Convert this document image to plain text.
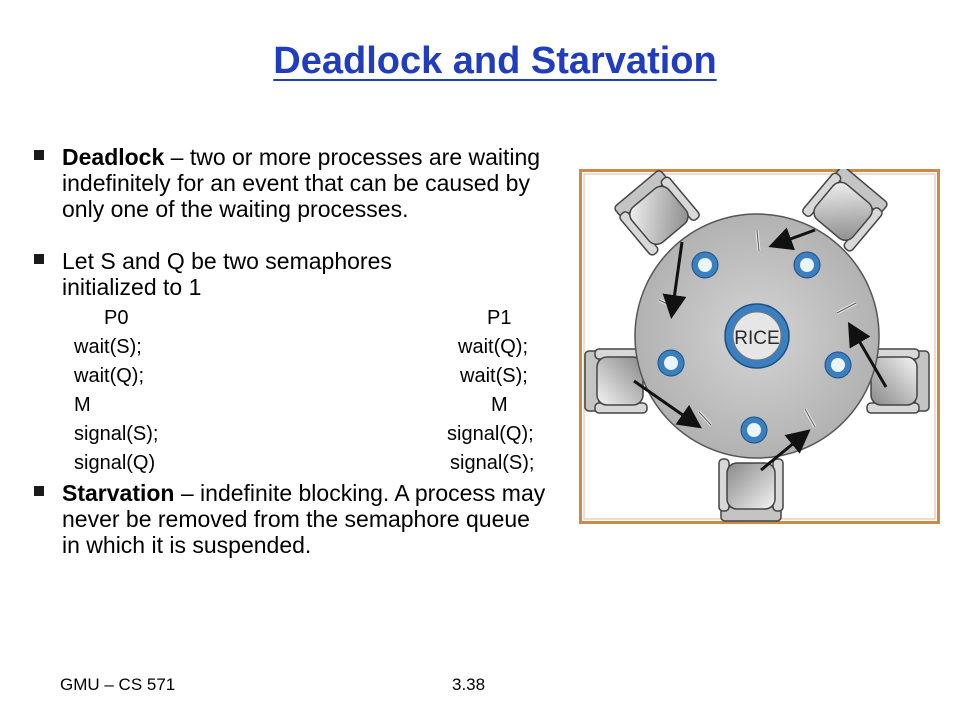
Deadlock and Starvation
Deadlock – two or more processes are waiting indefinitely for an event that can be caused by only one of the waiting processes.
Let S and Q be two semaphores initialized to 1
P0
wait(S);
wait(Q);
M
signal(S);
signal(Q)
P1
wait(Q);
wait(S);
M
signal(Q);
signal(S);
Starvation – indefinite blocking. A process may never be removed from the semaphore queue in which it is suspended.
RICE
GMU – CS 571	3.38
